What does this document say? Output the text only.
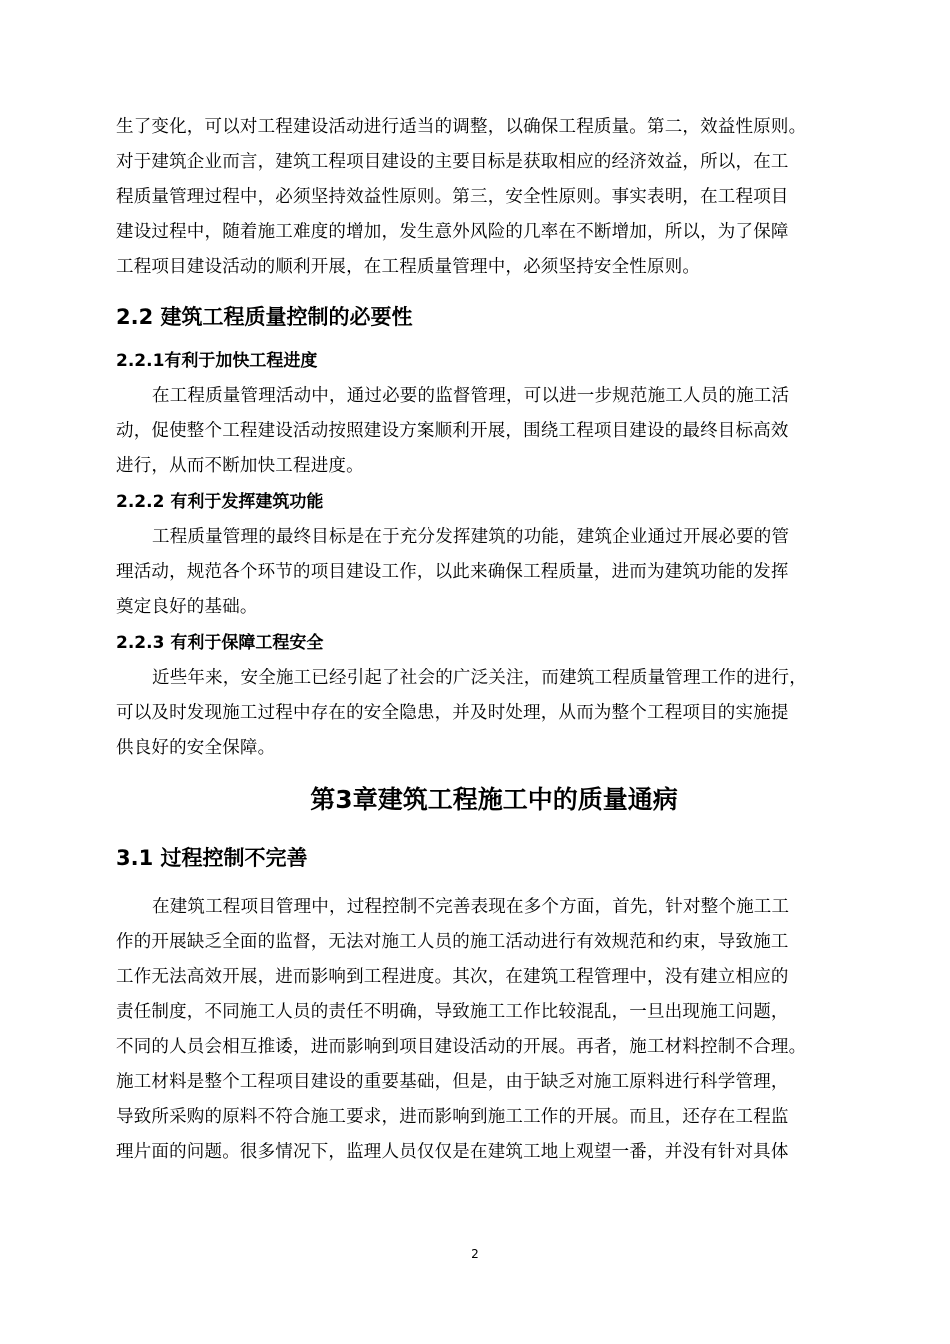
生了变化，可以对工程建设活动进行适当的调整，以确保工程质量。第二，效益性原则。
对于建筑企业而言，建筑工程项目建设的主要目标是获取相应的经济效益，所以，在工
程质量管理过程中，必须坚持效益性原则。第三，安全性原则。事实表明，在工程项目
建设过程中，随着施工难度的增加，发生意外风险的几率在不断增加，所以，为了保障
工程项目建设活动的顺利开展，在工程质量管理中，必须坚持安全性原则。
2.2 建筑工程质量控制的必要性
2.2.1有利于加快工程进度
在工程质量管理活动中，通过必要的监督管理，可以进一步规范施工人员的施工活
动，促使整个工程建设活动按照建设方案顺利开展，围绕工程项目建设的最终目标高效
进行，从而不断加快工程进度。
2.2.2 有利于发挥建筑功能
工程质量管理的最终目标是在于充分发挥建筑的功能，建筑企业通过开展必要的管
理活动，规范各个环节的项目建设工作，以此来确保工程质量，进而为建筑功能的发挥
奠定良好的基础。
2.2.3 有利于保障工程安全
近些年来，安全施工已经引起了社会的广泛关注，而建筑工程质量管理工作的进行，
可以及时发现施工过程中存在的安全隐患，并及时处理，从而为整个工程项目的实施提
供良好的安全保障。
第3章建筑工程施工中的质量通病
3.1 过程控制不完善
在建筑工程项目管理中，过程控制不完善表现在多个方面，首先，针对整个施工工
作的开展缺乏全面的监督，无法对施工人员的施工活动进行有效规范和约束，导致施工
工作无法高效开展，进而影响到工程进度。其次，在建筑工程管理中，没有建立相应的
责任制度，不同施工人员的责任不明确，导致施工工作比较混乱，一旦出现施工问题，
不同的人员会相互推诿，进而影响到项目建设活动的开展。再者，施工材料控制不合理。
施工材料是整个工程项目建设的重要基础，但是，由于缺乏对施工原料进行科学管理，
导致所采购的原料不符合施工要求，进而影响到施工工作的开展。而且，还存在工程监
理片面的问题。很多情况下，监理人员仅仅是在建筑工地上观望一番，并没有针对具体
2
